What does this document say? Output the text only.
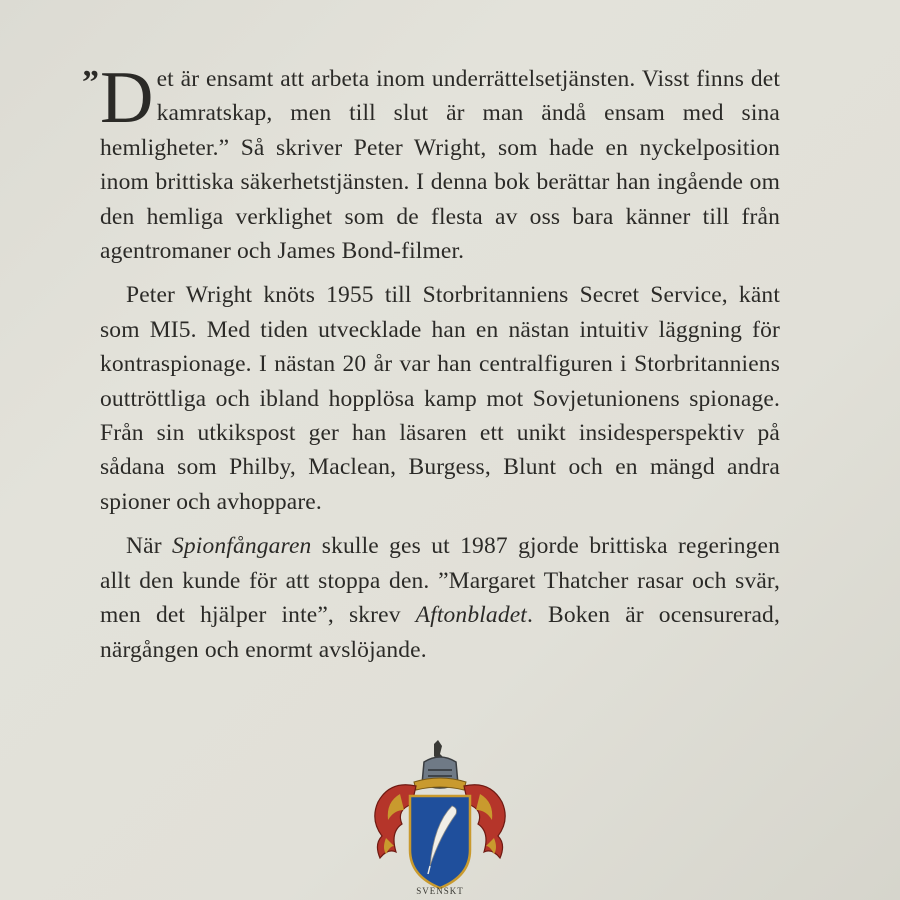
” D et är ensamt att arbeta inom underrättelsetjänsten. Visst finns det kamratskap, men till slut är man ändå ensam med sina hemligheter.” Så skriver Peter Wright, som hade en nyckelposition inom brittiska säkerhetstjänsten. I denna bok berättar han ingående om den hemliga verklighet som de flesta av oss bara känner till från agentromaner och James Bond-filmer.

Peter Wright knöts 1955 till Storbritanniens Secret Service, känt som MI5. Med tiden utvecklade han en nästan intuitiv läggning för kontraspionage. I nästan 20 år var han centralfiguren i Storbritanniens outtröttliga och ibland hopplösa kamp mot Sovjetunionens spionage. Från sin utkikspost ger han läsaren ett unikt insidesperspektiv på sådana som Philby, Maclean, Burgess, Blunt och en mängd andra spioner och avhoppare.

När Spionfångaren skulle ges ut 1987 gjorde brittiska regeringen allt den kunde för att stoppa den. ”Margaret Thatcher rasar och svär, men det hjälper inte”, skrev Aftonbladet. Boken är ocensurerad, närgången och enormt avslöjande.

SVENSKT
